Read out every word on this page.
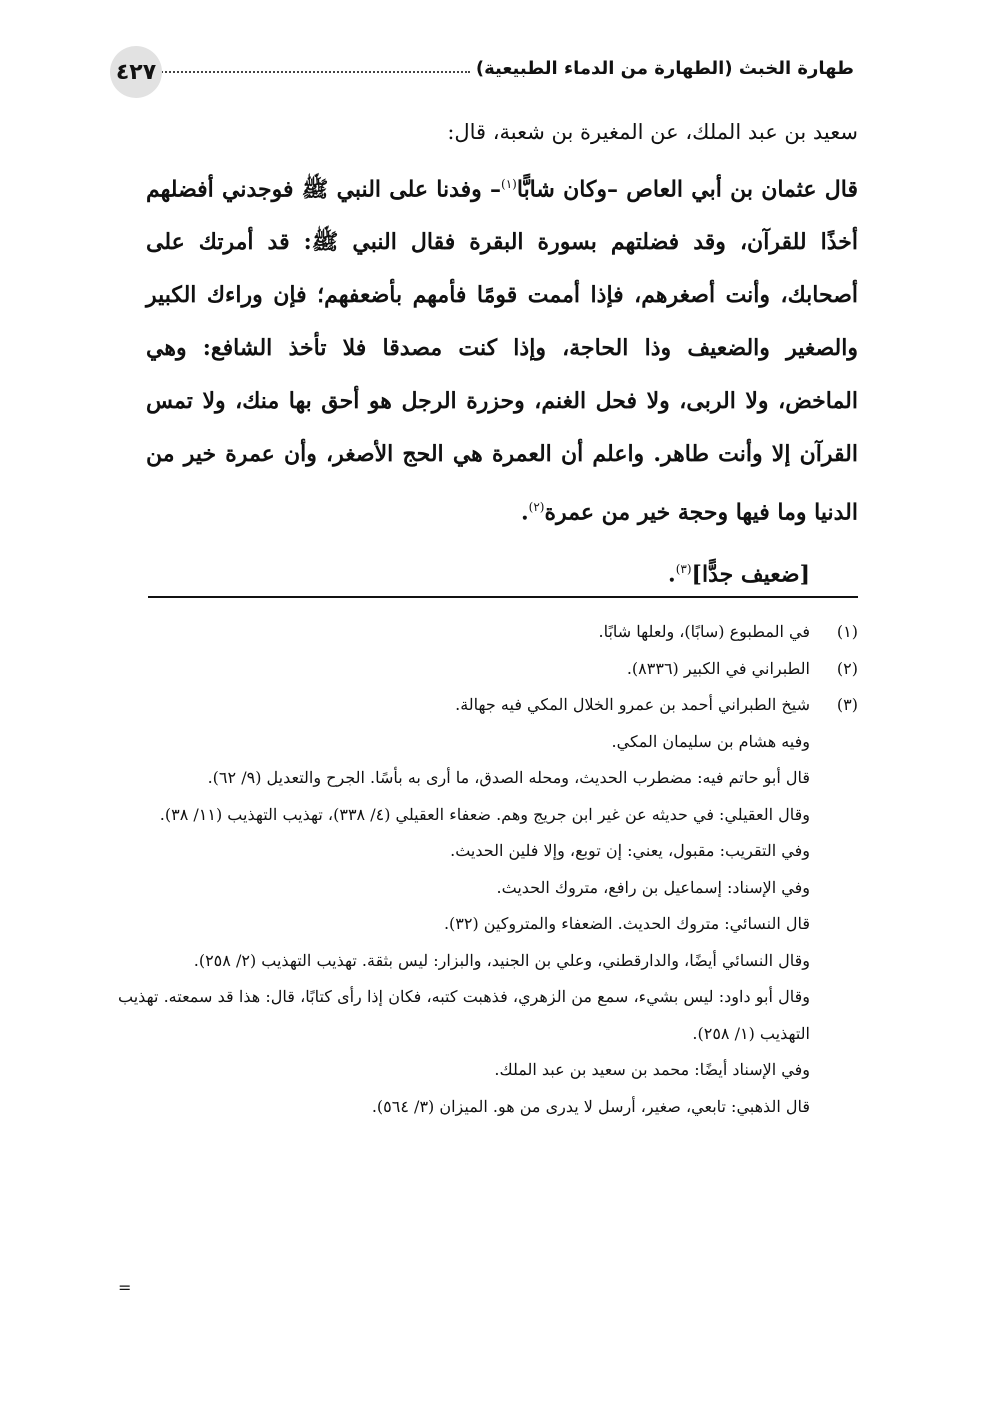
طهارة الخبث (الطهارة من الدماء الطبيعية)
٤٢٧

سعيد بن عبد الملك، عن المغيرة بن شعبة، قال:

قال عثمان بن أبي العاص –وكان شابًّا$^{(١)}$– وفدنا على النبي ﷺ فوجدني أفضلهم أخذًا للقرآن، وقد فضلتهم بسورة البقرة فقال النبي ﷺ: قد أمرتك على أصحابك، وأنت أصغرهم، فإذا أممت قومًا فأمهم بأضعفهم؛ فإن وراءك الكبير والصغير والضعيف وذا الحاجة، وإذا كنت مصدقا فلا تأخذ الشافع: وهي الماخض، ولا الربى، ولا فحل الغنم، وحزرة الرجل هو أحق بها منك، ولا تمس القرآن إلا وأنت طاهر. واعلم أن العمرة هي الحج الأصغر، وأن عمرة خير من الدنيا وما فيها وحجة خير من عمرة$^{(٢)}$.

[ضعيف جدًّا]$^{(٣)}$.

(١)
في المطبوع (سابًا)، ولعلها شابًا.
(٢)
الطبراني في الكبير (٨٣٣٦).
(٣)
شيخ الطبراني أحمد بن عمرو الخلال المكي فيه جهالة.
وفيه هشام بن سليمان المكي.
قال أبو حاتم فيه: مضطرب الحديث، ومحله الصدق، ما أرى به بأسًا. الجرح والتعديل (٩/ ٦٢).
وقال العقيلي: في حديثه عن غير ابن جريج وهم. ضعفاء العقيلي (٤/ ٣٣٨)، تهذيب التهذيب (١١/ ٣٨).
وفي التقريب: مقبول، يعني: إن توبع، وإلا فلين الحديث.
وفي الإسناد: إسماعيل بن رافع، متروك الحديث.
قال النسائي: متروك الحديث. الضعفاء والمتروكين (٣٢).
وقال النسائي أيضًا، والدارقطني، وعلي بن الجنيد، والبزار: ليس بثقة. تهذيب التهذيب (٢/ ٢٥٨).
وقال أبو داود: ليس بشيء، سمع من الزهري، فذهبت كتبه، فكان إذا رأى كتابًا، قال: هذا قد سمعته. تهذيب التهذيب (١/ ٢٥٨).
وفي الإسناد أيضًا: محمد بن سعيد بن عبد الملك.
قال الذهبي: تابعي، صغير، أرسل لا يدرى من هو. الميزان (٣/ ٥٦٤).
=
